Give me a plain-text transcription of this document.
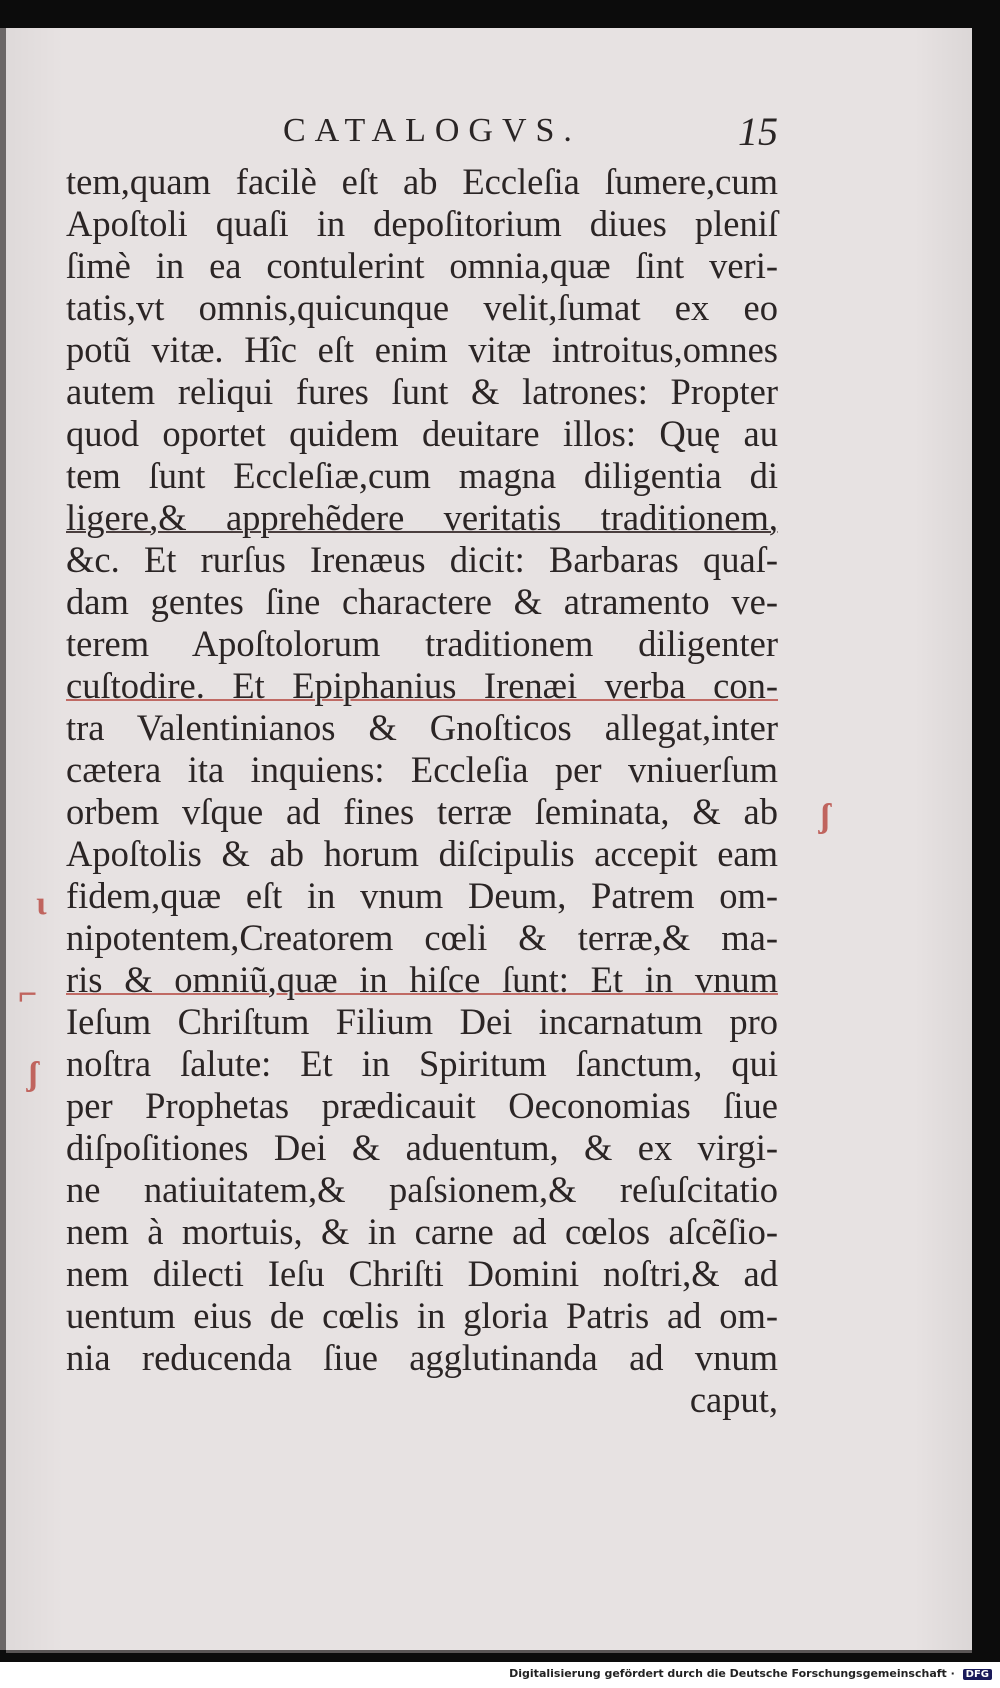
CATALOGVS.	15
tem,quam facilè eſt ab Eccleſia ſumere,cum
Apoſtoli quaſi in depoſitorium diues pleniſ
ſimè in ea contulerint omnia,quæ ſint veri-
tatis,vt omnis,quicunque velit,ſumat ex eo
potũ vitæ. Hîc eſt enim vitæ introitus,omnes
autem reliqui fures ſunt & latrones: Propter
quod oportet quidem deuitare illos: Quę au
tem ſunt Eccleſiæ,cum magna diligentia di
ligere,& apprehẽdere veritatis traditionem,
&c. Et rurſus Irenæus dicit: Barbaras quaſ-
dam gentes ſine charactere & atramento ve-
terem Apoſtolorum traditionem diligenter
cuſtodire. Et Epiphanius Irenæi verba con-
tra Valentinianos & Gnoſticos allegat,inter
cætera ita inquiens: Eccleſia per vniuerſum
orbem vſque ad fines terræ ſeminata, & ab
Apoſtolis & ab horum diſcipulis accepit eam
fidem,quæ eſt in vnum Deum, Patrem om-
nipotentem,Creatorem cœli & terræ,& ma-
ris & omniũ,quæ in hiſce ſunt: Et in vnum
Ieſum Chriſtum Filium Dei incarnatum pro
noſtra ſalute: Et in Spiritum ſanctum, qui
per Prophetas prædicauit Oeconomias ſiue
diſpoſitiones Dei & aduentum, & ex virgi-
ne natiuitatem,& paſsionem,& reſuſcitatio
nem à mortuis, & in carne ad cœlos aſcẽſio-
nem dilecti Ieſu Chriſti Domini noſtri,& ad
uentum eius de cœlis in gloria Patris ad om-
nia reducenda ſiue agglutinanda ad vnum
caput,
ʃ
ι
⌐
ʃ
Digitalisierung gefördert durch die Deutsche Forschungsgemeinschaft · DFG
